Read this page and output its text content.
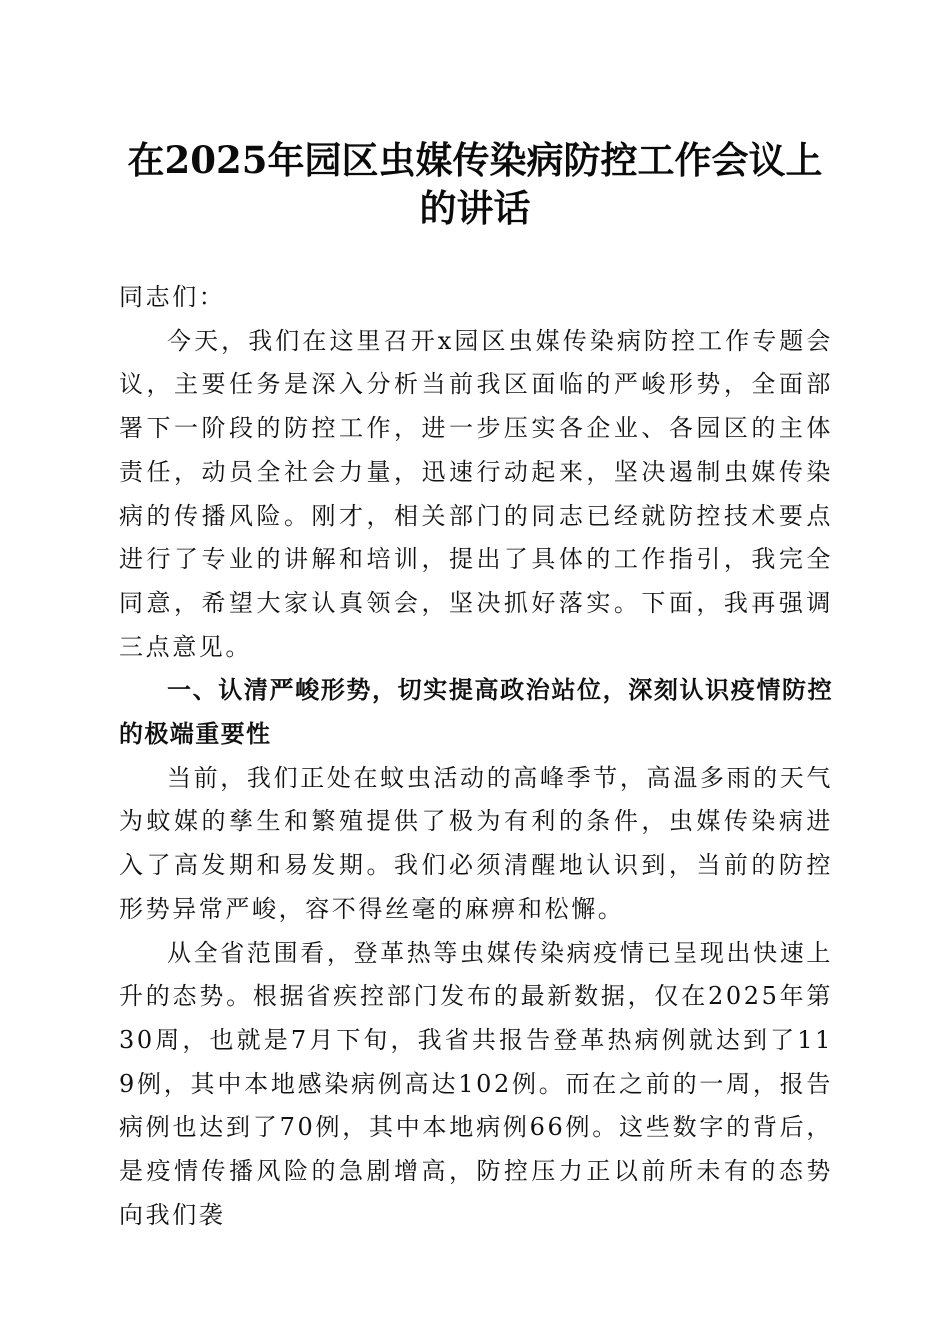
在2025年园区虫媒传染病防控工作会议上的讲话

同志们：

今天，我们在这里召开x园区虫媒传染病防控工作专题会议，主要任务是深入分析当前我区面临的严峻形势，全面部署下一阶段的防控工作，进一步压实各企业、各园区的主体责任，动员全社会力量，迅速行动起来，坚决遏制虫媒传染病的传播风险。刚才，相关部门的同志已经就防控技术要点进行了专业的讲解和培训，提出了具体的工作指引，我完全同意，希望大家认真领会，坚决抓好落实。下面，我再强调三点意见。

一、认清严峻形势，切实提高政治站位，深刻认识疫情防控的极端重要性

当前，我们正处在蚊虫活动的高峰季节，高温多雨的天气为蚊媒的孳生和繁殖提供了极为有利的条件，虫媒传染病进入了高发期和易发期。我们必须清醒地认识到，当前的防控形势异常严峻，容不得丝毫的麻痹和松懈。

从全省范围看，登革热等虫媒传染病疫情已呈现出快速上升的态势。根据省疾控部门发布的最新数据，仅在2025年第30周，也就是7月下旬，我省共报告登革热病例就达到了119例，其中本地感染病例高达102例。而在之前的一周，报告病例也达到了70例，其中本地病例66例。这些数字的背后，是疫情传播风险的急剧增高，防控压力正以前所未有的态势向我们袭
